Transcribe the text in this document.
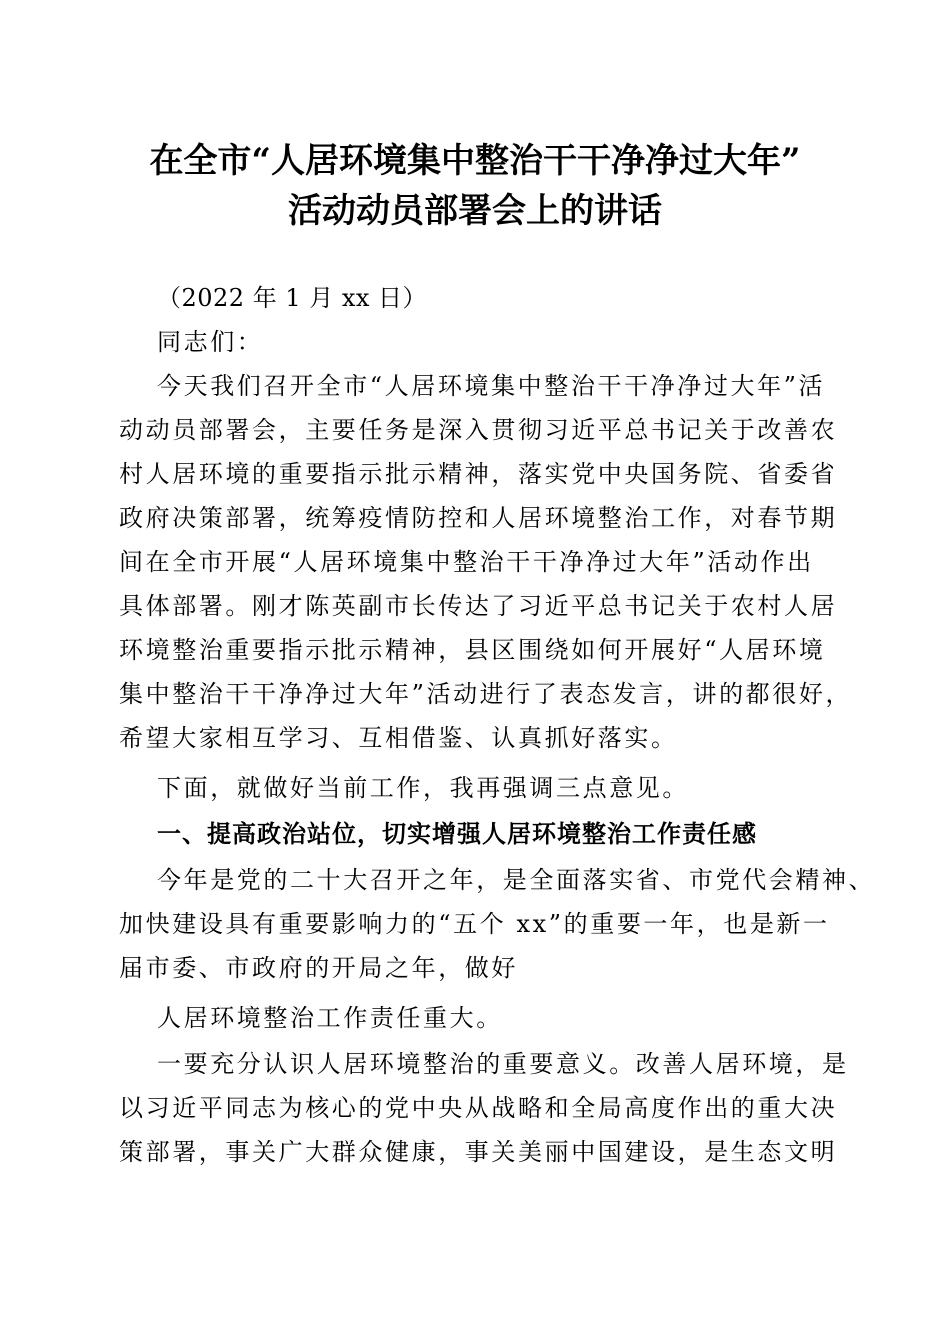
在全市“人居环境集中整治干干净净过大年”
活动动员部署会上的讲话
（2022 年 1 月 xx 日）
同志们：
今天我们召开全市“人居环境集中整治干干净净过大年”活
动动员部署会，主要任务是深入贯彻习近平总书记关于改善农
村人居环境的重要指示批示精神，落实党中央国务院、省委省
政府决策部署，统筹疫情防控和人居环境整治工作，对春节期
间在全市开展“人居环境集中整治干干净净过大年”活动作出
具体部署。刚才陈英副市长传达了习近平总书记关于农村人居
环境整治重要指示批示精神，县区围绕如何开展好“人居环境
集中整治干干净净过大年”活动进行了表态发言，讲的都很好，
希望大家相互学习、互相借鉴、认真抓好落实。
下面，就做好当前工作，我再强调三点意见。
一、提高政治站位，切实增强人居环境整治工作责任感
今年是党的二十大召开之年，是全面落实省、市党代会精神、
加快建设具有重要影响力的“五个 xx”的重要一年，也是新一
届市委、市政府的开局之年，做好
人居环境整治工作责任重大。
一要充分认识人居环境整治的重要意义。改善人居环境，是
以习近平同志为核心的党中央从战略和全局高度作出的重大决
策部署，事关广大群众健康，事关美丽中国建设，是生态文明
